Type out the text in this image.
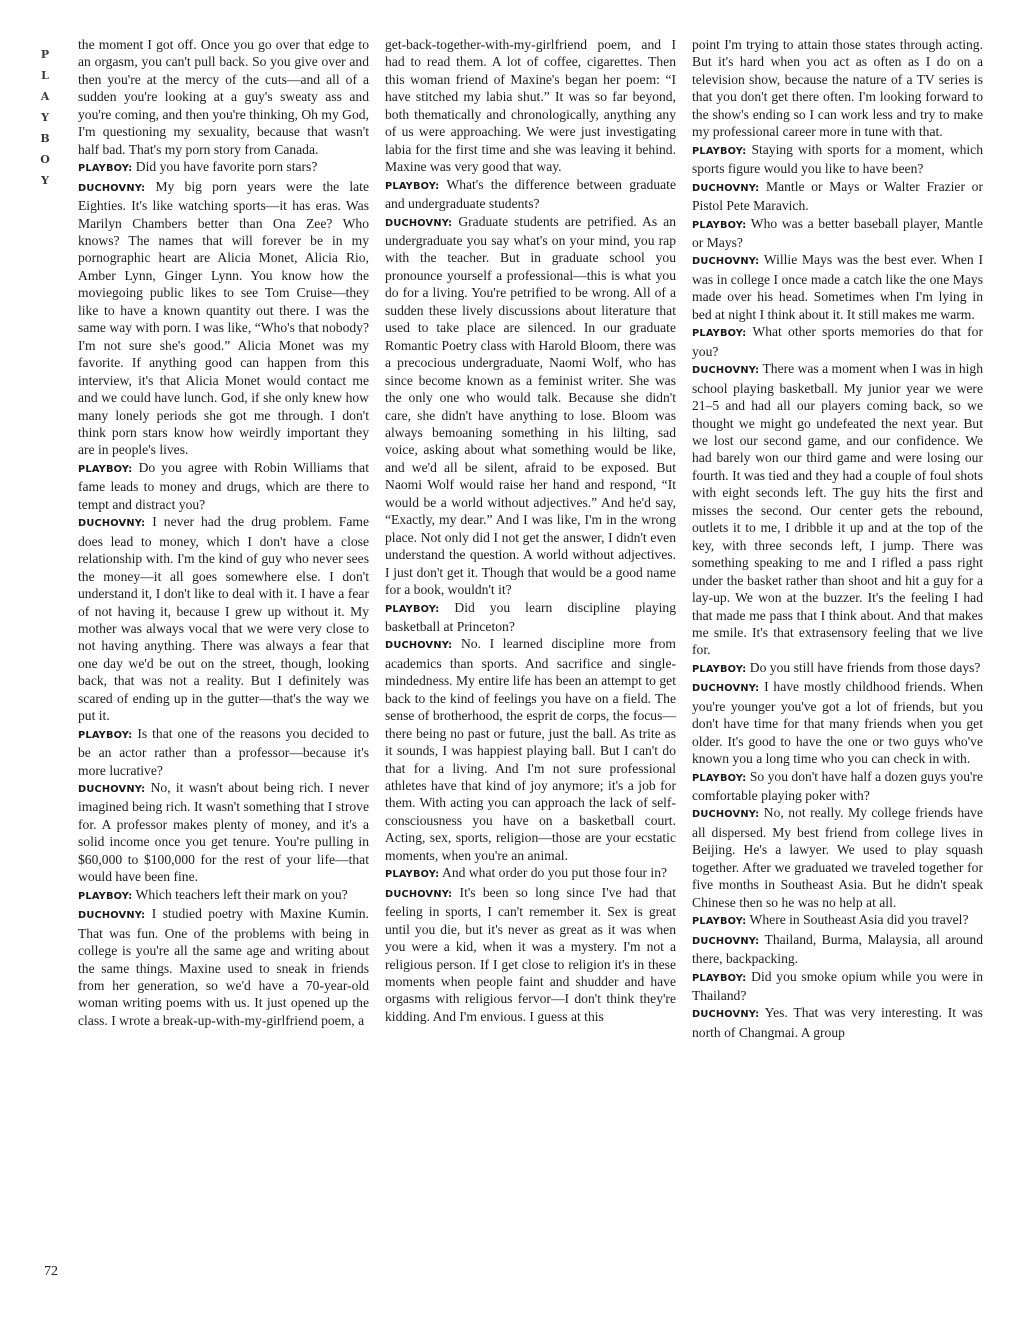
P
L
A
Y
B
O
Y
72

the moment I got off. Once you go over that edge to an orgasm, you can't pull back. So you give over and then you're at the mercy of the cuts—and all of a sudden you're looking at a guy's sweaty ass and you're coming, and then you're thinking, Oh my God, I'm questioning my sexuality, because that wasn't half bad. That's my porn story from Canada.

PLAYBOY: Did you have favorite porn stars?

DUCHOVNY: My big porn years were the late Eighties. It's like watching sports—it has eras. Was Marilyn Chambers better than Ona Zee? Who knows? The names that will forever be in my pornographic heart are Alicia Monet, Alicia Rio, Amber Lynn, Ginger Lynn. You know how the moviegoing public likes to see Tom Cruise—they like to have a known quantity out there. I was the same way with porn. I was like, “Who's that nobody? I'm not sure she's good.” Alicia Monet was my favorite. If anything good can happen from this interview, it's that Alicia Monet would contact me and we could have lunch. God, if she only knew how many lonely periods she got me through. I don't think porn stars know how weirdly important they are in people's lives.

PLAYBOY: Do you agree with Robin Williams that fame leads to money and drugs, which are there to tempt and distract you?

DUCHOVNY: I never had the drug problem. Fame does lead to money, which I don't have a close relationship with. I'm the kind of guy who never sees the money—it all goes somewhere else. I don't understand it, I don't like to deal with it. I have a fear of not having it, because I grew up without it. My mother was always vocal that we were very close to not having anything. There was always a fear that one day we'd be out on the street, though, looking back, that was not a reality. But I definitely was scared of ending up in the gutter—that's the way we put it.

PLAYBOY: Is that one of the reasons you decided to be an actor rather than a professor—because it's more lucrative?

DUCHOVNY: No, it wasn't about being rich. I never imagined being rich. It wasn't something that I strove for. A professor makes plenty of money, and it's a solid income once you get tenure. You're pulling in $60,000 to $100,000 for the rest of your life—that would have been fine.

PLAYBOY: Which teachers left their mark on you?

DUCHOVNY: I studied poetry with Maxine Kumin. That was fun. One of the problems with being in college is you're all the same age and writing about the same things. Maxine used to sneak in friends from her generation, so we'd have a 70-year-old woman writing poems with us. It just opened up the class. I wrote a break-up-with-my-girlfriend poem, a

get-back-together-with-my-girlfriend poem, and I had to read them. A lot of coffee, cigarettes. Then this woman friend of Maxine's began her poem: “I have stitched my labia shut.” It was so far beyond, both thematically and chronologically, anything any of us were approaching. We were just investigating labia for the first time and she was leaving it behind. Maxine was very good that way.

PLAYBOY: What's the difference between graduate and undergraduate students?

DUCHOVNY: Graduate students are petrified. As an undergraduate you say what's on your mind, you rap with the teacher. But in graduate school you pronounce yourself a professional—this is what you do for a living. You're petrified to be wrong. All of a sudden these lively discussions about literature that used to take place are silenced. In our graduate Romantic Poetry class with Harold Bloom, there was a precocious undergraduate, Naomi Wolf, who has since become known as a feminist writer. She was the only one who would talk. Because she didn't care, she didn't have anything to lose. Bloom was always bemoaning something in his lilting, sad voice, asking about what something would be like, and we'd all be silent, afraid to be exposed. But Naomi Wolf would raise her hand and respond, “It would be a world without adjectives.” And he'd say, “Exactly, my dear.” And I was like, I'm in the wrong place. Not only did I not get the answer, I didn't even understand the question. A world without adjectives. I just don't get it. Though that would be a good name for a book, wouldn't it?

PLAYBOY: Did you learn discipline playing basketball at Princeton?

DUCHOVNY: No. I learned discipline more from academics than sports. And sacrifice and single-mindedness. My entire life has been an attempt to get back to the kind of feelings you have on a field. The sense of brotherhood, the esprit de corps, the focus—there being no past or future, just the ball. As trite as it sounds, I was happiest playing ball. But I can't do that for a living. And I'm not sure professional athletes have that kind of joy anymore; it's a job for them. With acting you can approach the lack of self-consciousness you have on a basketball court. Acting, sex, sports, religion—those are your ecstatic moments, when you're an animal.

PLAYBOY: And what order do you put those four in?

DUCHOVNY: It's been so long since I've had that feeling in sports, I can't remember it. Sex is great until you die, but it's never as great as it was when you were a kid, when it was a mystery. I'm not a religious person. If I get close to religion it's in these moments when people faint and shudder and have orgasms with religious fervor—I don't think they're kidding. And I'm envious. I guess at this

point I'm trying to attain those states through acting. But it's hard when you act as often as I do on a television show, because the nature of a TV series is that you don't get there often. I'm looking forward to the show's ending so I can work less and try to make my professional career more in tune with that.

PLAYBOY: Staying with sports for a moment, which sports figure would you like to have been?

DUCHOVNY: Mantle or Mays or Walter Frazier or Pistol Pete Maravich.

PLAYBOY: Who was a better baseball player, Mantle or Mays?

DUCHOVNY: Willie Mays was the best ever. When I was in college I once made a catch like the one Mays made over his head. Sometimes when I'm lying in bed at night I think about it. It still makes me warm.

PLAYBOY: What other sports memories do that for you?

DUCHOVNY: There was a moment when I was in high school playing basketball. My junior year we were 21–5 and had all our players coming back, so we thought we might go undefeated the next year. But we lost our second game, and our confidence. We had barely won our third game and were losing our fourth. It was tied and they had a couple of foul shots with eight seconds left. The guy hits the first and misses the second. Our center gets the rebound, outlets it to me, I dribble it up and at the top of the key, with three seconds left, I jump. There was something speaking to me and I rifled a pass right under the basket rather than shoot and hit a guy for a lay-up. We won at the buzzer. It's the feeling I had that made me pass that I think about. And that makes me smile. It's that extrasensory feeling that we live for.

PLAYBOY: Do you still have friends from those days?

DUCHOVNY: I have mostly childhood friends. When you're younger you've got a lot of friends, but you don't have time for that many friends when you get older. It's good to have the one or two guys who've known you a long time who you can check in with.

PLAYBOY: So you don't have half a dozen guys you're comfortable playing poker with?

DUCHOVNY: No, not really. My college friends have all dispersed. My best friend from college lives in Beijing. He's a lawyer. We used to play squash together. After we graduated we traveled together for five months in Southeast Asia. But he didn't speak Chinese then so he was no help at all.

PLAYBOY: Where in Southeast Asia did you travel?

DUCHOVNY: Thailand, Burma, Malaysia, all around there, backpacking.

PLAYBOY: Did you smoke opium while you were in Thailand?

DUCHOVNY: Yes. That was very interesting. It was north of Changmai. A group
